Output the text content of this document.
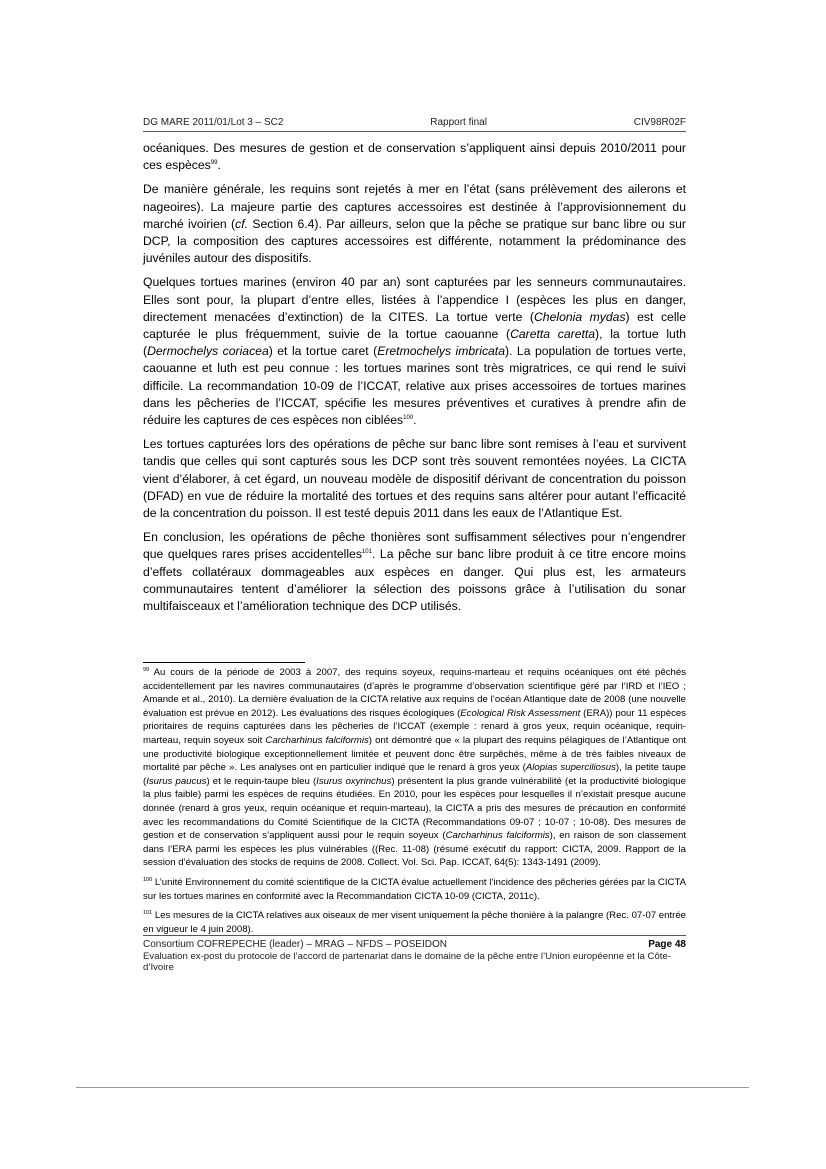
DG MARE 2011/01/Lot 3 – SC2	Rapport final	CIV98R02F

océaniques. Des mesures de gestion et de conservation s’appliquent ainsi depuis 2010/2011 pour ces espèces$^{99}$.

De manière générale, les requins sont rejetés à mer en l’état (sans prélèvement des ailerons et nageoires). La majeure partie des captures accessoires est destinée à l’approvisionnement du marché ivoirien (cf. Section 6.4). Par ailleurs, selon que la pêche se pratique sur banc libre ou sur DCP, la composition des captures accessoires est différente, notamment la prédominance des juvéniles autour des dispositifs.

Quelques tortues marines (environ 40 par an) sont capturées par les senneurs communautaires. Elles sont pour, la plupart d’entre elles, listées à l’appendice I (espèces les plus en danger, directement menacées d’extinction) de la CITES. La tortue verte (Chelonia mydas) est celle capturée le plus fréquemment, suivie de la tortue caouanne (Caretta caretta), la tortue luth (Dermochelys coriacea) et la tortue caret (Eretmochelys imbricata). La population de tortues verte, caouanne et luth est peu connue : les tortues marines sont très migratrices, ce qui rend le suivi difficile. La recommandation 10-09 de l’ICCAT, relative aux prises accessoires de tortues marines dans les pêcheries de l’ICCAT, spécifie les mesures préventives et curatives à prendre afin de réduire les captures de ces espèces non ciblées$^{100}$.

Les tortues capturées lors des opérations de pêche sur banc libre sont remises à l’eau et survivent tandis que celles qui sont capturés sous les DCP sont très souvent remontées noyées. La CICTA vient d’élaborer, à cet égard, un nouveau modèle de dispositif dérivant de concentration du poisson (DFAD) en vue de réduire la mortalité des tortues et des requins sans altérer pour autant l’efficacité de la concentration du poisson. Il est testé depuis 2011 dans les eaux de l’Atlantique Est.

En conclusion, les opérations de pêche thonières sont suffisamment sélectives pour n’engendrer que quelques rares prises accidentelles$^{101}$. La pêche sur banc libre produit à ce titre encore moins d’effets collatéraux dommageables aux espèces en danger. Qui plus est, les armateurs communautaires tentent d’améliorer la sélection des poissons grâce à l’utilisation du sonar multifaisceaux et l’amélioration technique des DCP utilisés.

$^{99}$ Au cours de la période de 2003 à 2007, des requins soyeux, requins-marteau et requins océaniques ont été pêchés accidentellement par les navires communautaires (d’après le programme d’observation scientifique géré par l’IRD et l’IEO ; Amande et al., 2010). La dernière évaluation de la CICTA relative aux requins de l’océan Atlantique date de 2008 (une nouvelle évaluation est prévue en 2012). Les évaluations des risques écologiques (Ecological Risk Assessment (ERA)) pour 11 espèces prioritaires de requins capturées dans les pêcheries de l’ICCAT (exemple : renard à gros yeux, requin océanique, requin-marteau, requin soyeux soit Carcharhinus falciformis) ont démontré que « la plupart des requins pélagiques de l’Atlantique ont une productivité biologique exceptionnellement limitée et peuvent donc être surpêchés, même à de très faibles niveaux de mortalité par pêche ». Les analyses ont en particulier indiqué que le renard à gros yeux (Alopias superciliosus), la petite taupe (Isurus paucus) et le requin-taupe bleu (Isurus oxyrinchus) présentent la plus grande vulnérabilité (et la productivité biologique la plus faible) parmi les espèces de requins étudiées. En 2010, pour les espèces pour lesquelles il n’existait presque aucune donnée (renard à gros yeux, requin océanique et requin-marteau), la CICTA a pris des mesures de précaution en conformité avec les recommandations du Comité Scientifique de la CICTA (Recommandations 09-07 ; 10-07 ; 10-08). Des mesures de gestion et de conservation s’appliquent aussi pour le requin soyeux (Carcharhinus falciformis), en raison de son classement dans l’ERA parmi les espèces les plus vulnérables ((Rec. 11-08) (résumé exécutif du rapport: CICTA, 2009. Rapport de la session d’évaluation des stocks de requins de 2008. Collect. Vol. Sci. Pap. ICCAT, 64(5): 1343-1491 (2009).

$^{100}$ L’unité Environnement du comité scientifique de la CICTA évalue actuellement l’incidence des pêcheries gérées par la CICTA sur les tortues marines en conformité avec la Recommandation CICTA 10-09 (CICTA, 2011c).

$^{101}$ Les mesures de la CICTA relatives aux oiseaux de mer visent uniquement la pêche thonière à la palangre (Rec. 07-07 entrée en vigueur le 4 juin 2008).

Consortium COFREPECHE (leader) – MRAG – NFDS – POSEIDON	Page 48
Evaluation ex-post du protocole de l’accord de partenariat dans le domaine de la pêche entre l’Union européenne et la Côte-d’Ivoire
